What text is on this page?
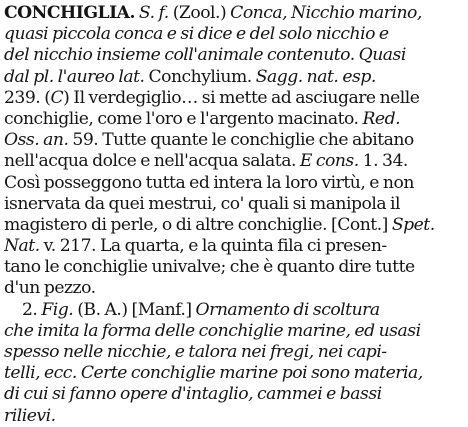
CONCHIGLIA. S. f. (Zool.) Conca, Nicchio marino,
quasi piccola conca e si dice e del solo nicchio e
del nicchio insieme coll'animale contenuto. Quasi
dal pl. l'aureo lat. Conchylium. Sagg. nat. esp.
239. (C) Il verdegiglio… si mette ad asciugare nelle
conchiglie, come l'oro e l'argento macinato. Red.
Oss. an. 59. Tutte quante le conchiglie che abitano
nell'acqua dolce e nell'acqua salata. E cons. 1. 34.
Così posseggono tutta ed intera la loro virtù, e non
isnervata da quei mestrui, co' quali si manipola il
magistero di perle, o di altre conchiglie. [Cont.] Spet.
Nat. v. 217. La quarta, e la quinta fila ci presen-
tano le conchiglie univalve; che è quanto dire tutte
d'un pezzo.
2. Fig. (B. A.) [Manf.] Ornamento di scoltura
che imita la forma delle conchiglie marine, ed usasi
spesso nelle nicchie, e talora nei fregi, nei capi-
telli, ecc. Certe conchiglie marine poi sono materia,
di cui si fanno opere d'intaglio, cammei e bassi
rilievi.
